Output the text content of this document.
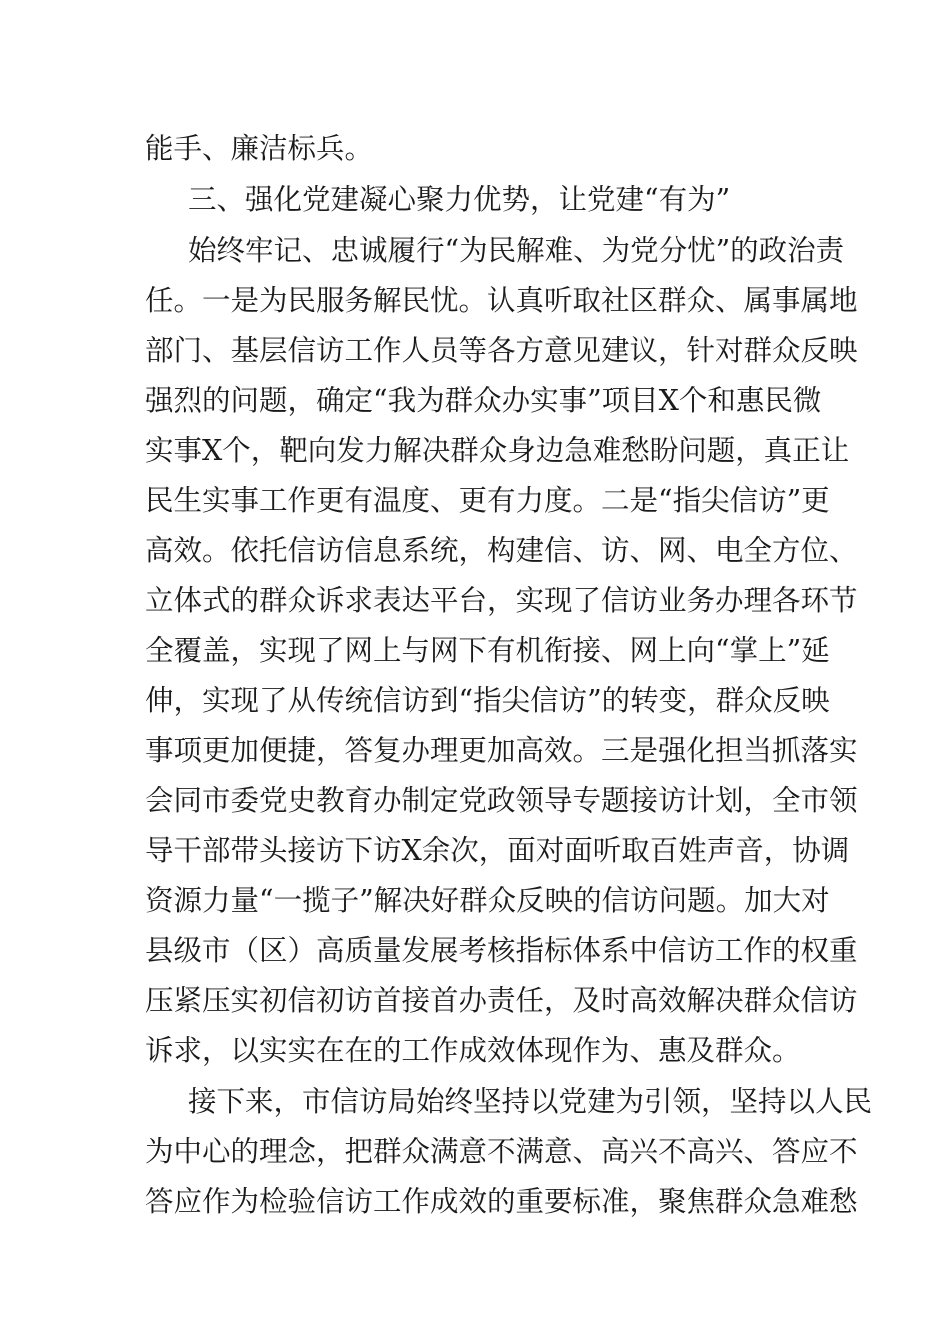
能手、廉洁标兵。
三、强化党建凝心聚力优势，让党建“有为”
始终牢记、忠诚履行“为民解难、为党分忧”的政治责
任。一是为民服务解民忧。认真听取社区群众、属事属地
部门、基层信访工作人员等各方意见建议，针对群众反映
强烈的问题，确定“我为群众办实事”项目X个和惠民微
实事X个，靶向发力解决群众身边急难愁盼问题，真正让
民生实事工作更有温度、更有力度。二是“指尖信访”更
高效。依托信访信息系统，构建信、访、网、电全方位、
立体式的群众诉求表达平台，实现了信访业务办理各环节
全覆盖，实现了网上与网下有机衔接、网上向“掌上”延
伸，实现了从传统信访到“指尖信访”的转变，群众反映
事项更加便捷，答复办理更加高效。三是强化担当抓落实
会同市委党史教育办制定党政领导专题接访计划，全市领
导干部带头接访下访X余次，面对面听取百姓声音，协调
资源力量“一揽子”解决好群众反映的信访问题。加大对
县级市（区）高质量发展考核指标体系中信访工作的权重
压紧压实初信初访首接首办责任，及时高效解决群众信访
诉求，以实实在在的工作成效体现作为、惠及群众。
接下来，市信访局始终坚持以党建为引领，坚持以人民
为中心的理念，把群众满意不满意、高兴不高兴、答应不
答应作为检验信访工作成效的重要标准，聚焦群众急难愁
